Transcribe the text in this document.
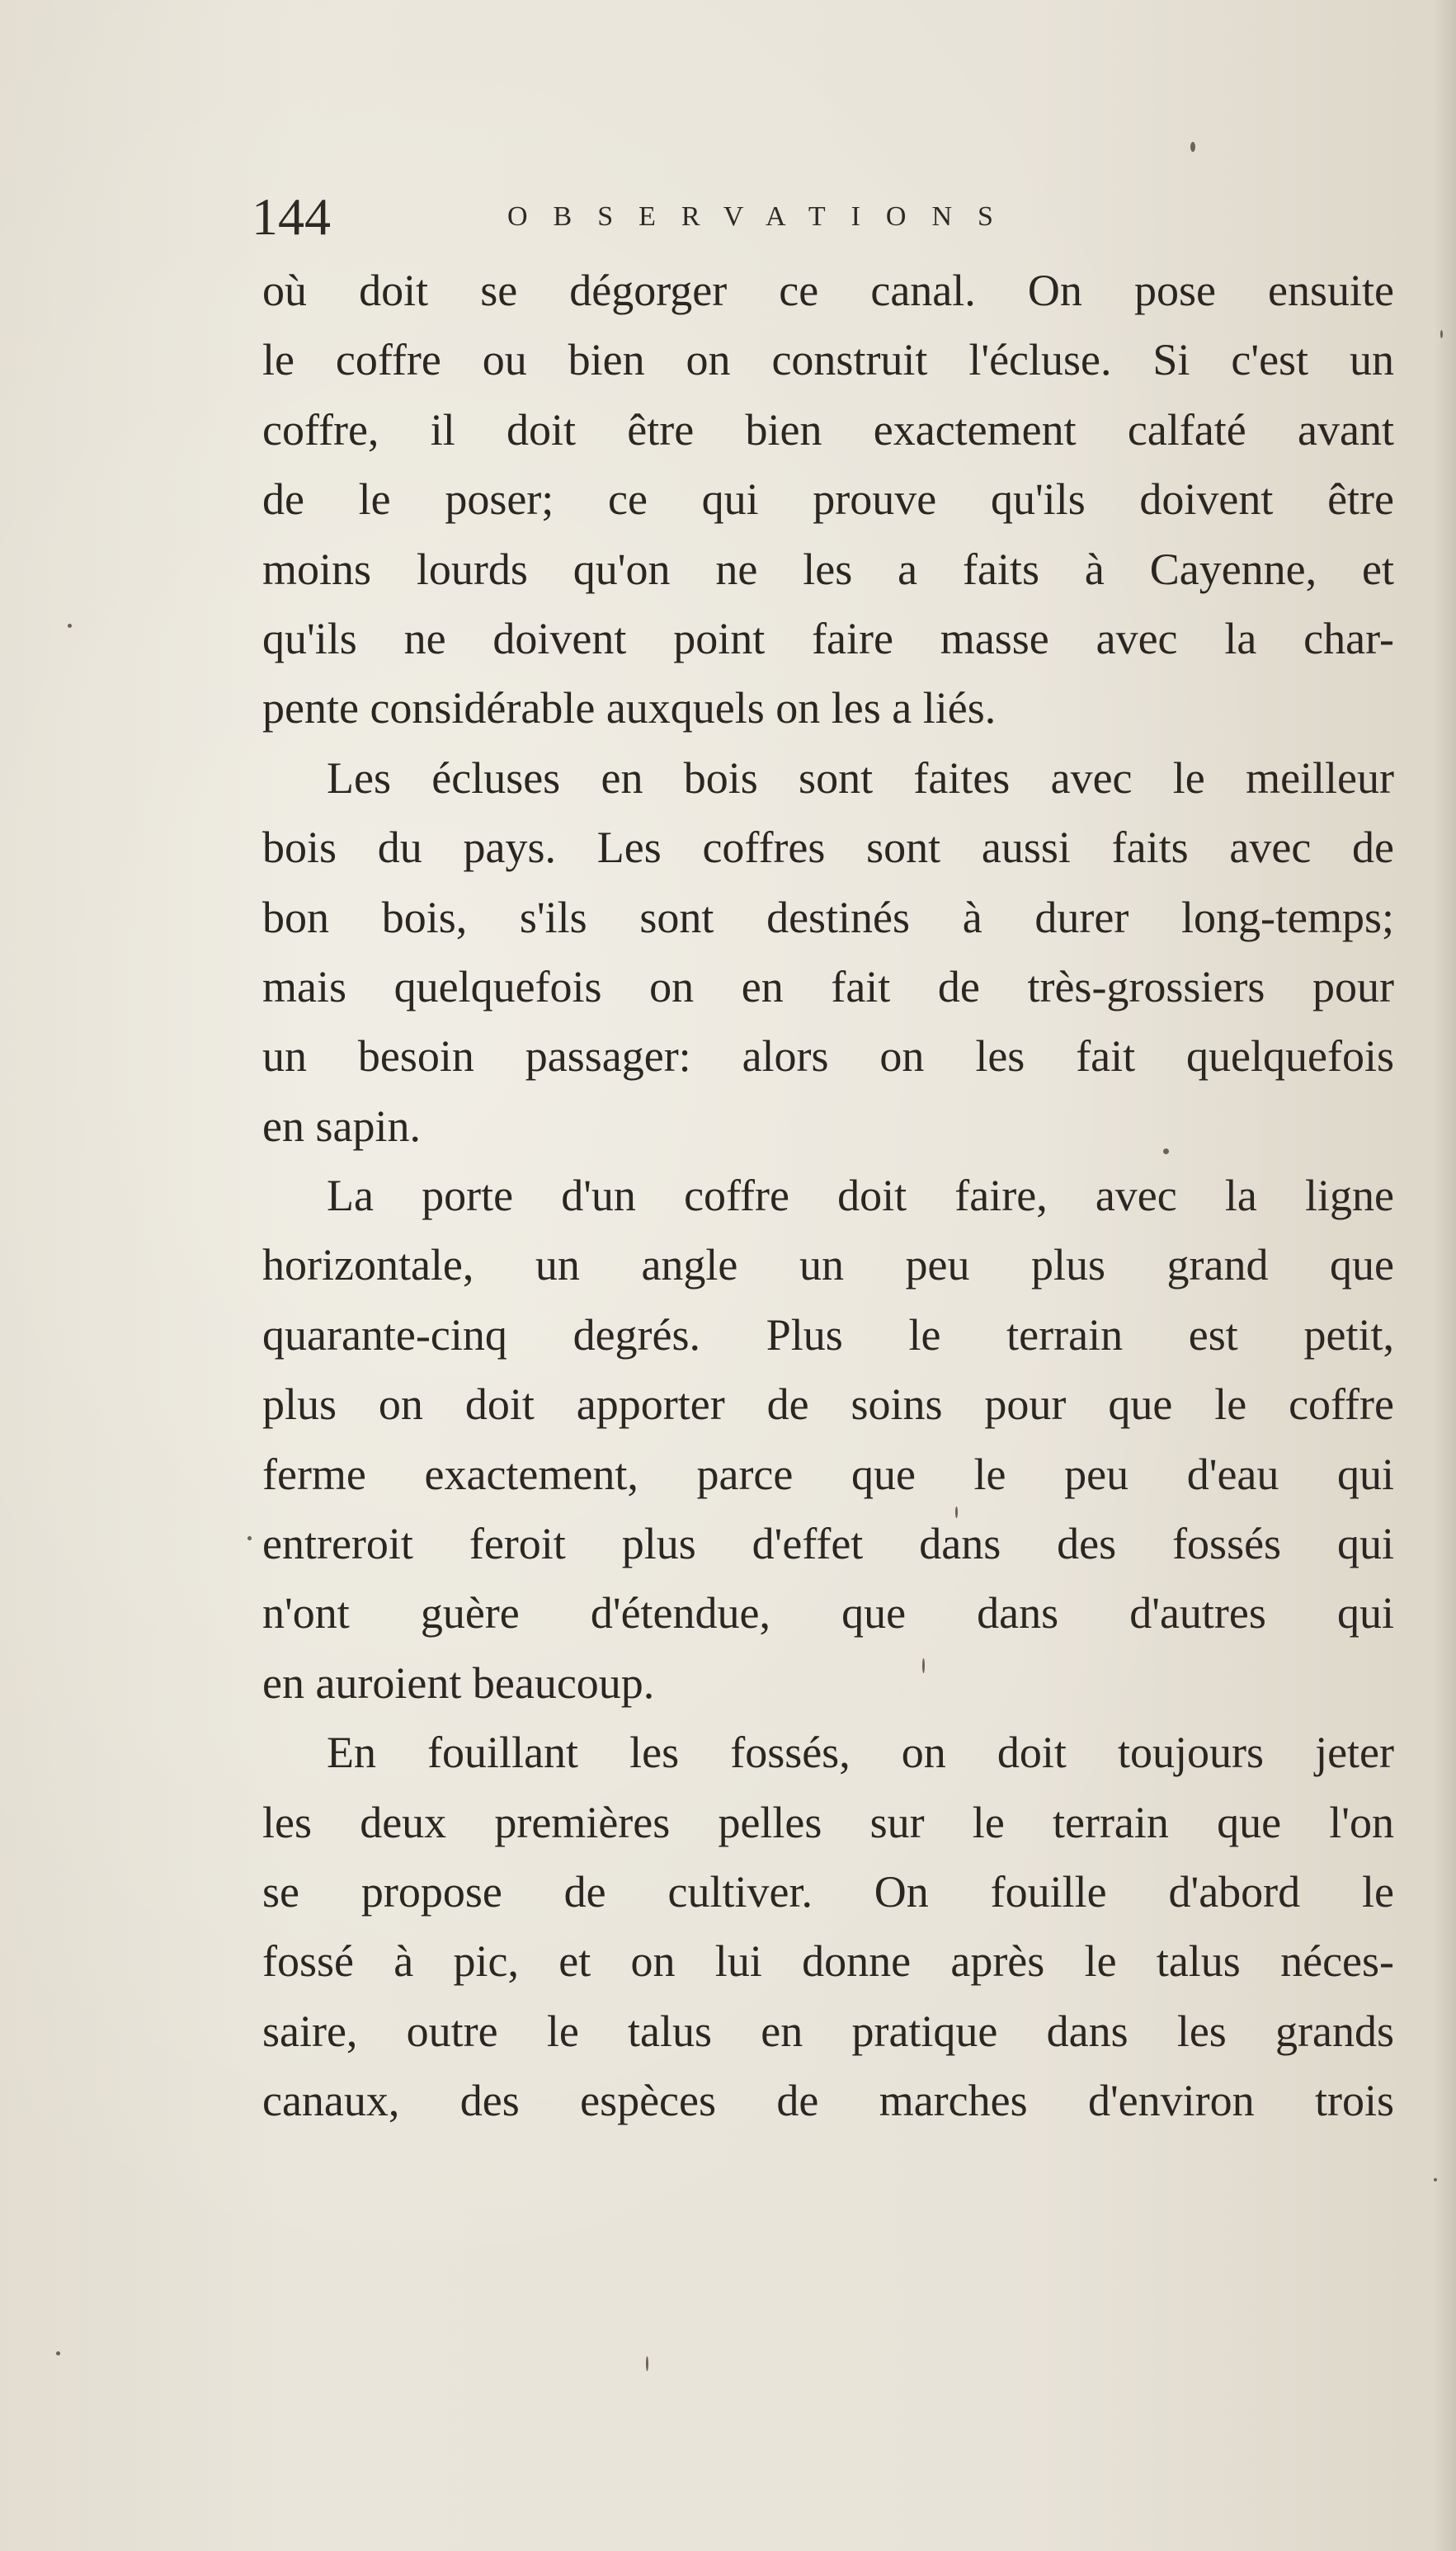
144	OBSERVATIONS
où doit se dégorger ce canal. On pose ensuite
le coffre ou bien on construit l'écluse. Si c'est un
coffre, il doit être bien exactement calfaté avant
de le poser; ce qui prouve qu'ils doivent être
moins lourds qu'on ne les a faits à Cayenne, et
qu'ils ne doivent point faire masse avec la char-
pente considérable auxquels on les a liés.
Les écluses en bois sont faites avec le meilleur
bois du pays. Les coffres sont aussi faits avec de
bon bois, s'ils sont destinés à durer long-temps;
mais quelquefois on en fait de très-grossiers pour
un besoin passager: alors on les fait quelquefois
en sapin.
La porte d'un coffre doit faire, avec la ligne
horizontale, un angle un peu plus grand que
quarante-cinq degrés. Plus le terrain est petit,
plus on doit apporter de soins pour que le coffre
ferme exactement, parce que le peu d'eau qui
entreroit feroit plus d'effet dans des fossés qui
n'ont guère d'étendue, que dans d'autres qui
en auroient beaucoup.
En fouillant les fossés, on doit toujours jeter
les deux premières pelles sur le terrain que l'on
se propose de cultiver. On fouille d'abord le
fossé à pic, et on lui donne après le talus néces-
saire, outre le talus en pratique dans les grands
canaux, des espèces de marches d'environ trois
